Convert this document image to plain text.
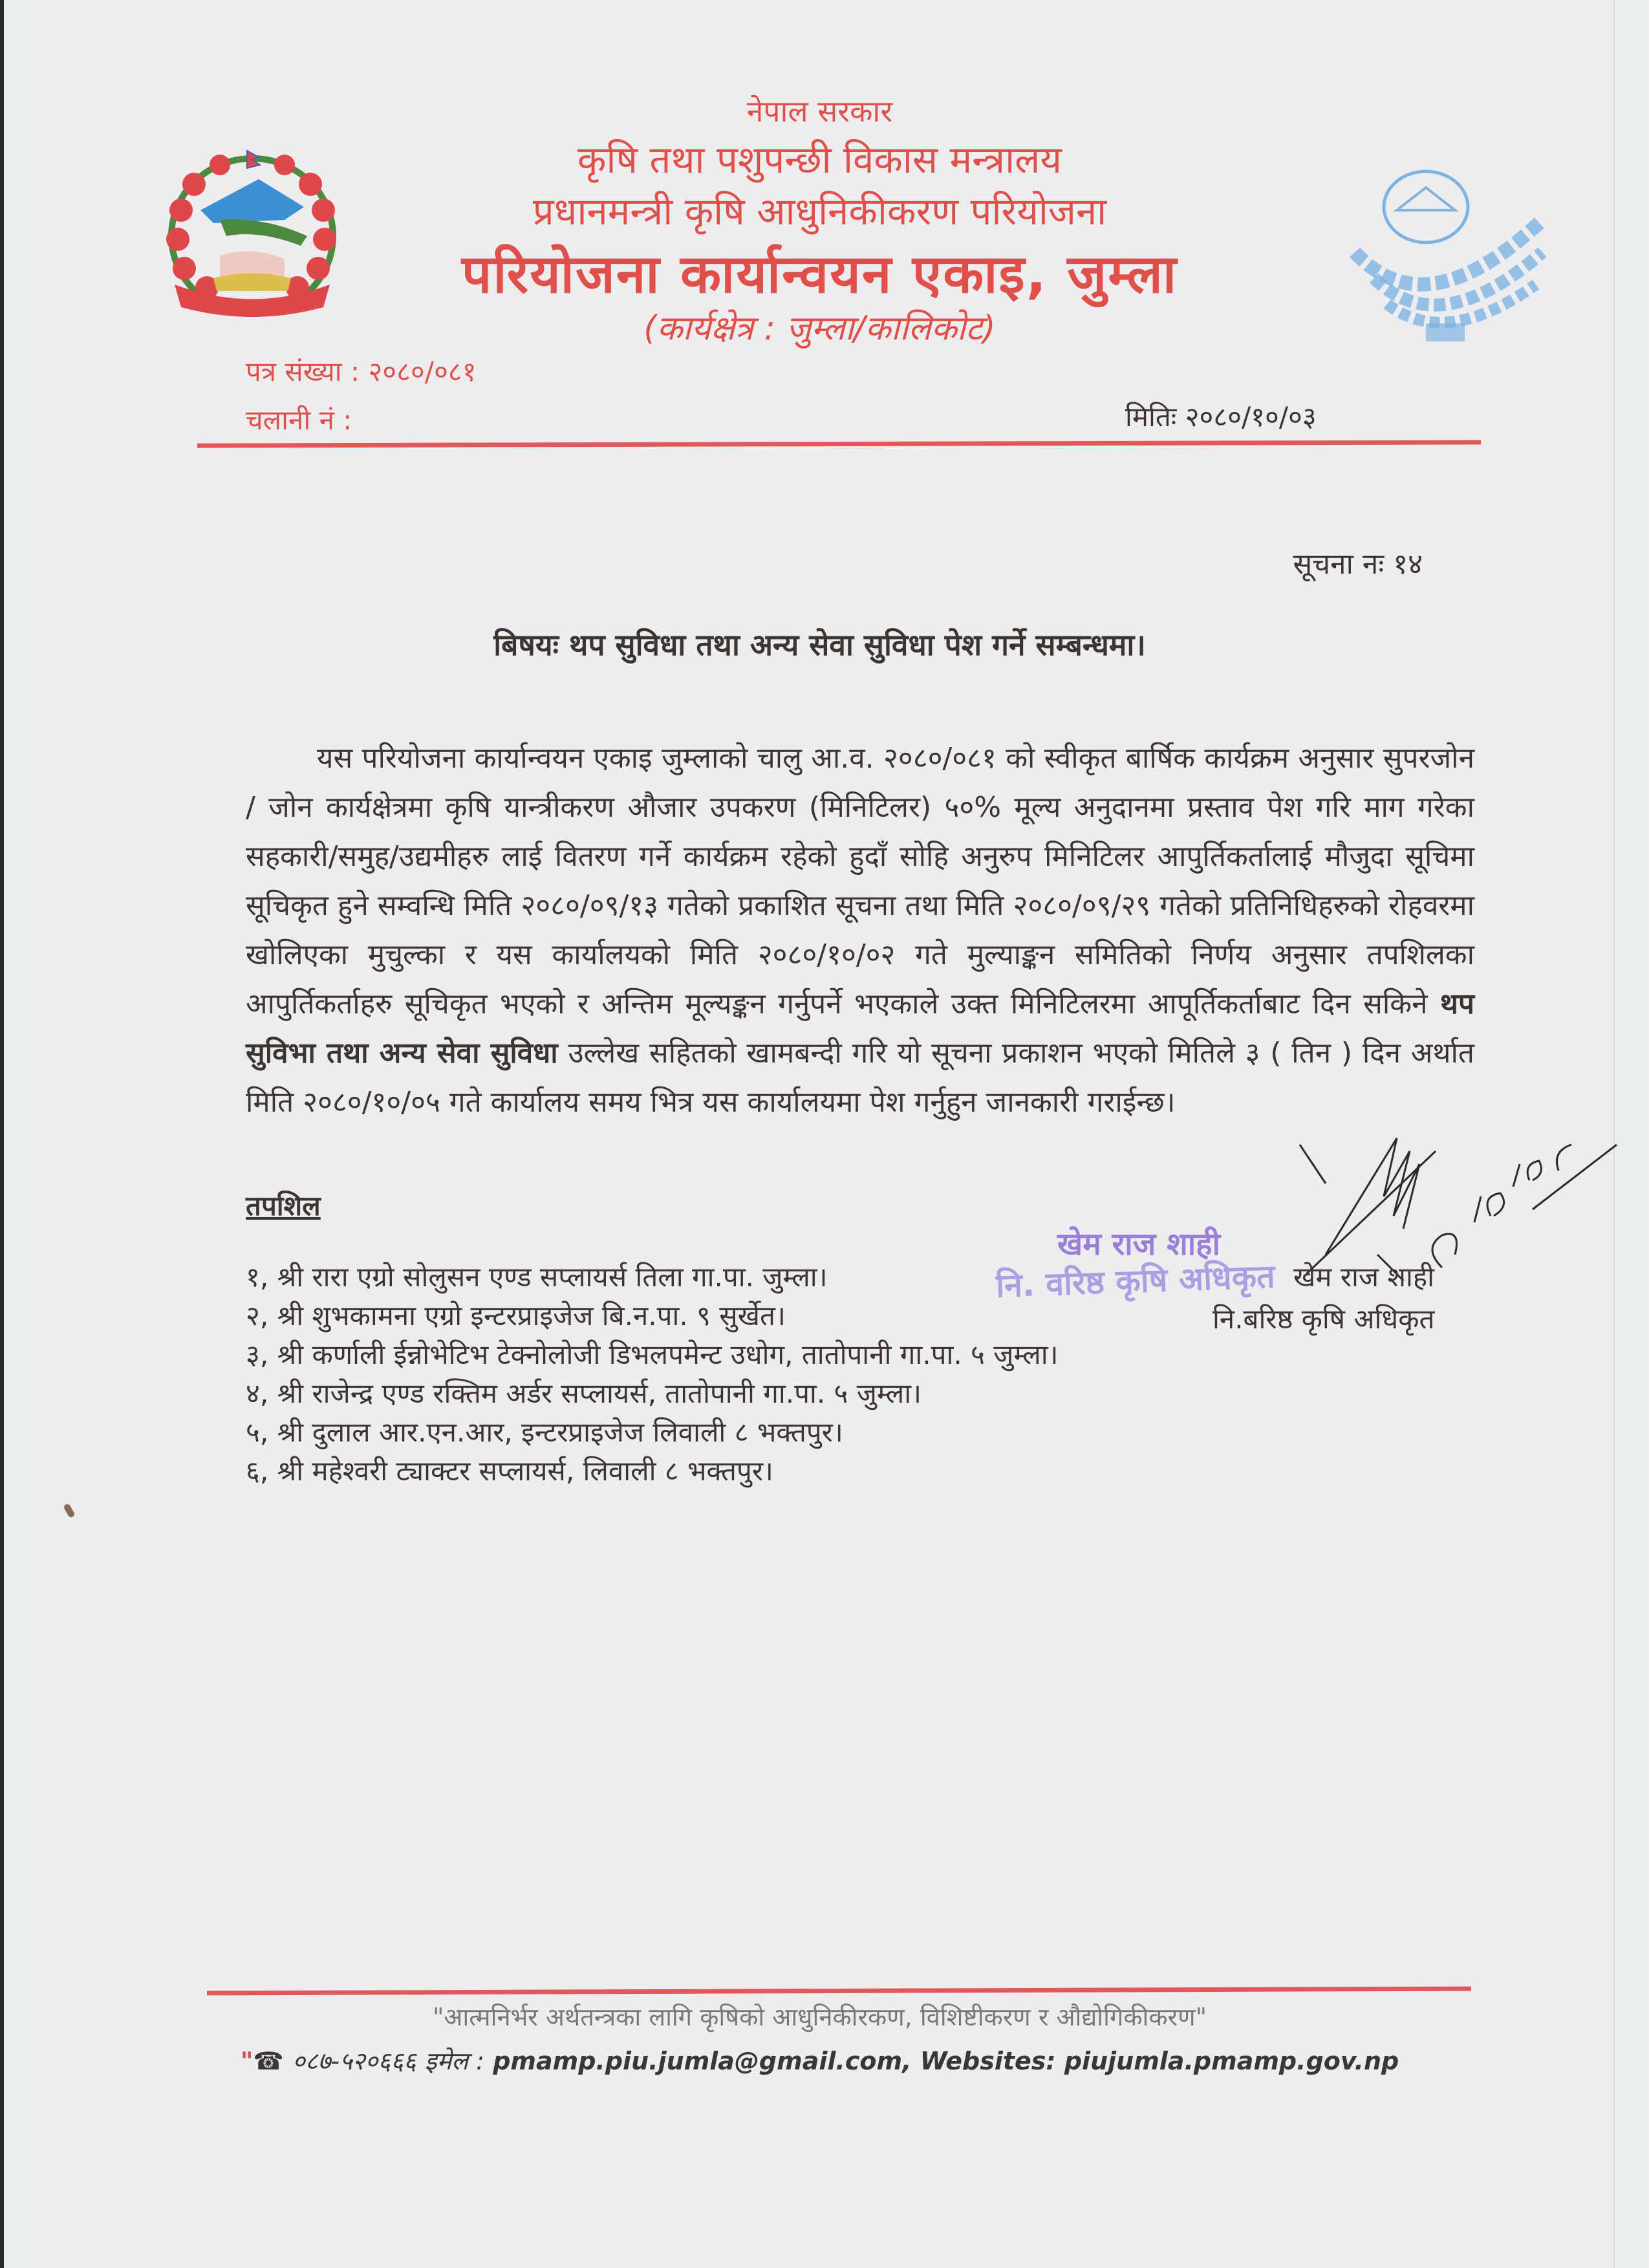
नेपाल सरकार
कृषि तथा पशुपन्छी विकास मन्त्रालय
प्रधानमन्त्री कृषि आधुनिकीकरण परियोजना
परियोजना कार्यान्वयन एकाइ, जुम्ला
(कार्यक्षेत्र : जुम्ला/कालिकोट)
पत्र संख्या : २०८०/०८१
चलानी नं :	मितिः २०८०/१०/०३
सूचना नः १४
बिषयः थप सुविधा तथा अन्य सेवा सुविधा पेश गर्ने सम्बन्धमा।
यस परियोजना कार्यान्वयन एकाइ जुम्लाको चालु आ.व. २०८०/०८१ को स्वीकृत बार्षिक कार्यक्रम अनुसार सुपरजोन / जोन कार्यक्षेत्रमा कृषि यान्त्रीकरण औजार उपकरण (मिनिटिलर) ५०% मूल्य अनुदानमा प्रस्ताव पेश गरि माग गरेका सहकारी/समुह/उद्यमीहरु लाई वितरण गर्ने कार्यक्रम रहेको हुदाँ सोहि अनुरुप मिनिटिलर आपुर्तिकर्तालाई मौजुदा सूचिमा सूचिकृत हुने सम्वन्धि मिति २०८०/०९/१३ गतेको प्रकाशित सूचना तथा मिति २०८०/०९/२९ गतेको प्रतिनिधिहरुको रोहवरमा खोलिएका मुचुल्का र यस कार्यालयको मिति २०८०/१०/०२ गते मुल्याङ्कन समितिको निर्णय अनुसार तपशिलका आपुर्तिकर्ताहरु सूचिकृत भएको र अन्तिम मूल्यङ्कन गर्नुपर्ने भएकाले उक्त मिनिटिलरमा आपूर्तिकर्ताबाट दिन सकिने थप सुविभा तथा अन्य सेवा सुविधा उल्लेख सहितको खामबन्दी गरि यो सूचना प्रकाशन भएको मितिले ३ ( तिन ) दिन अर्थात मिति २०८०/१०/०५ गते कार्यालय समय भित्र यस कार्यालयमा पेश गर्नुहुन जानकारी गराईन्छ।
तपशिल
१, श्री रारा एग्रो सोलुसन एण्ड सप्लायर्स तिला गा.पा. जुम्ला।
२, श्री शुभकामना एग्रो इन्टरप्राइजेज बि.न.पा. ९ सुर्खेत।
३, श्री कर्णाली ईन्नोभेटिभ टेक्नोलोजी डिभलपमेन्ट उधोग, तातोपानी गा.पा. ५ जुम्ला।
४, श्री राजेन्द्र एण्ड रक्तिम अर्डर सप्लायर्स, तातोपानी गा.पा. ५ जुम्ला।
५, श्री दुलाल आर.एन.आर, इन्टरप्राइजेज लिवाली ८ भक्तपुर।
६, श्री महेश्वरी ट्याक्टर सप्लायर्स, लिवाली ८ भक्तपुर।
खेम राज शाही
नि. वरिष्ठ कृषि अधिकृत खेम राज शाही
नि.बरिष्ठ कृषि अधिकृत
"आत्मनिर्भर अर्थतन्त्रका लागि कृषिको आधुनिकीरकण, विशिष्टीकरण र औद्योगिकीकरण"
"☎ ०८७-५२०६६६ इमेल : pmamp.piu.jumla@gmail.com, Websites: piujumla.pmamp.gov.np
